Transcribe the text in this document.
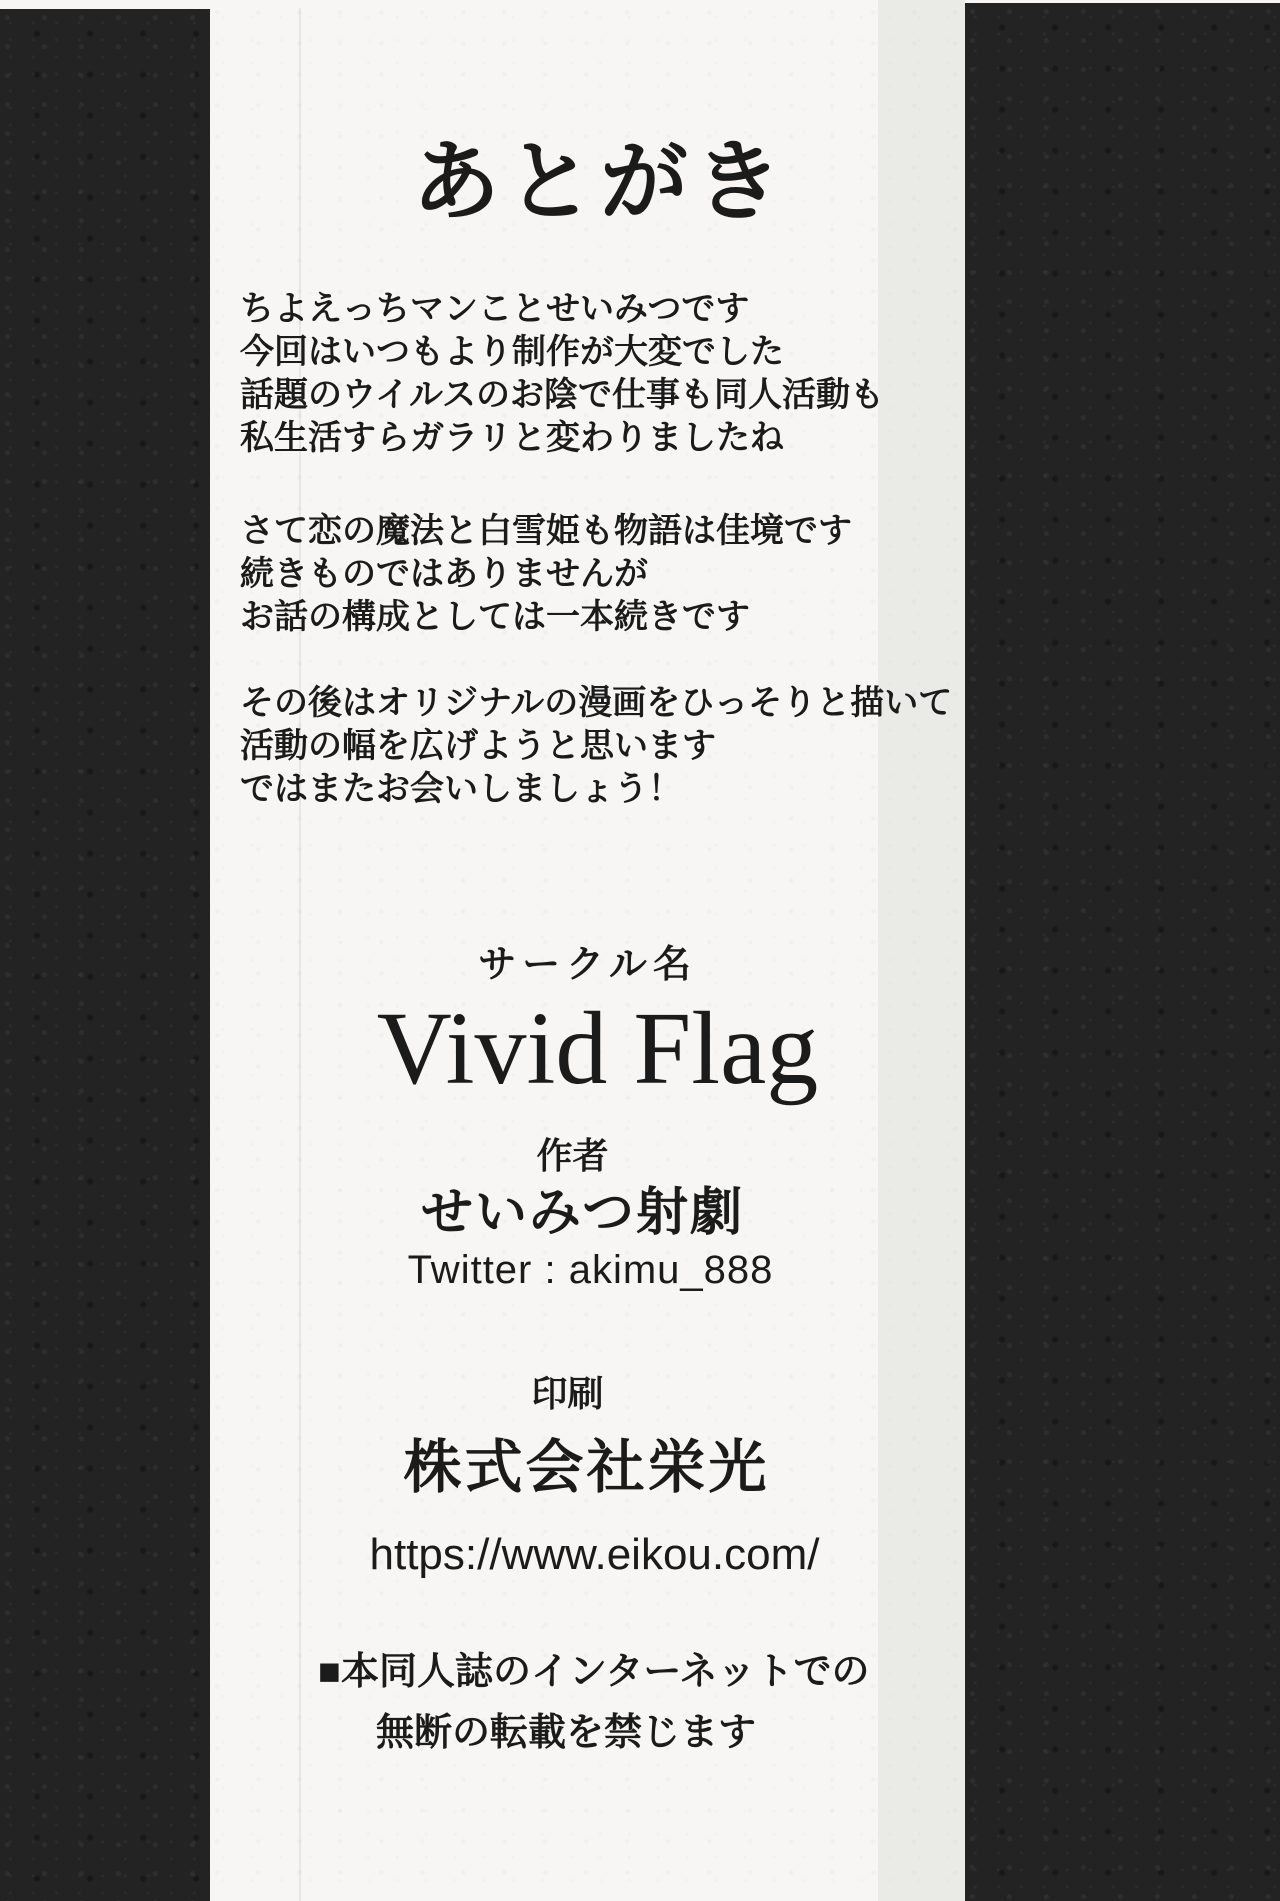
あとがき
ちよえっちマンことせいみつです
今回はいつもより制作が大変でした
話題のウイルスのお陰で仕事も同人活動も
私生活すらガラリと変わりましたね
さて恋の魔法と白雪姫も物語は佳境です
続きものではありませんが
お話の構成としては一本続きです
その後はオリジナルの漫画をひっそりと描いて
活動の幅を広げようと思います
ではまたお会いしましょう！
サークル名
Vivid Flag
作者
せいみつ射劇
Twitter : akimu_888
印刷
株式会社栄光
https://www.eikou.com/
■本同人誌のインターネットでの
無断の転載を禁じます
